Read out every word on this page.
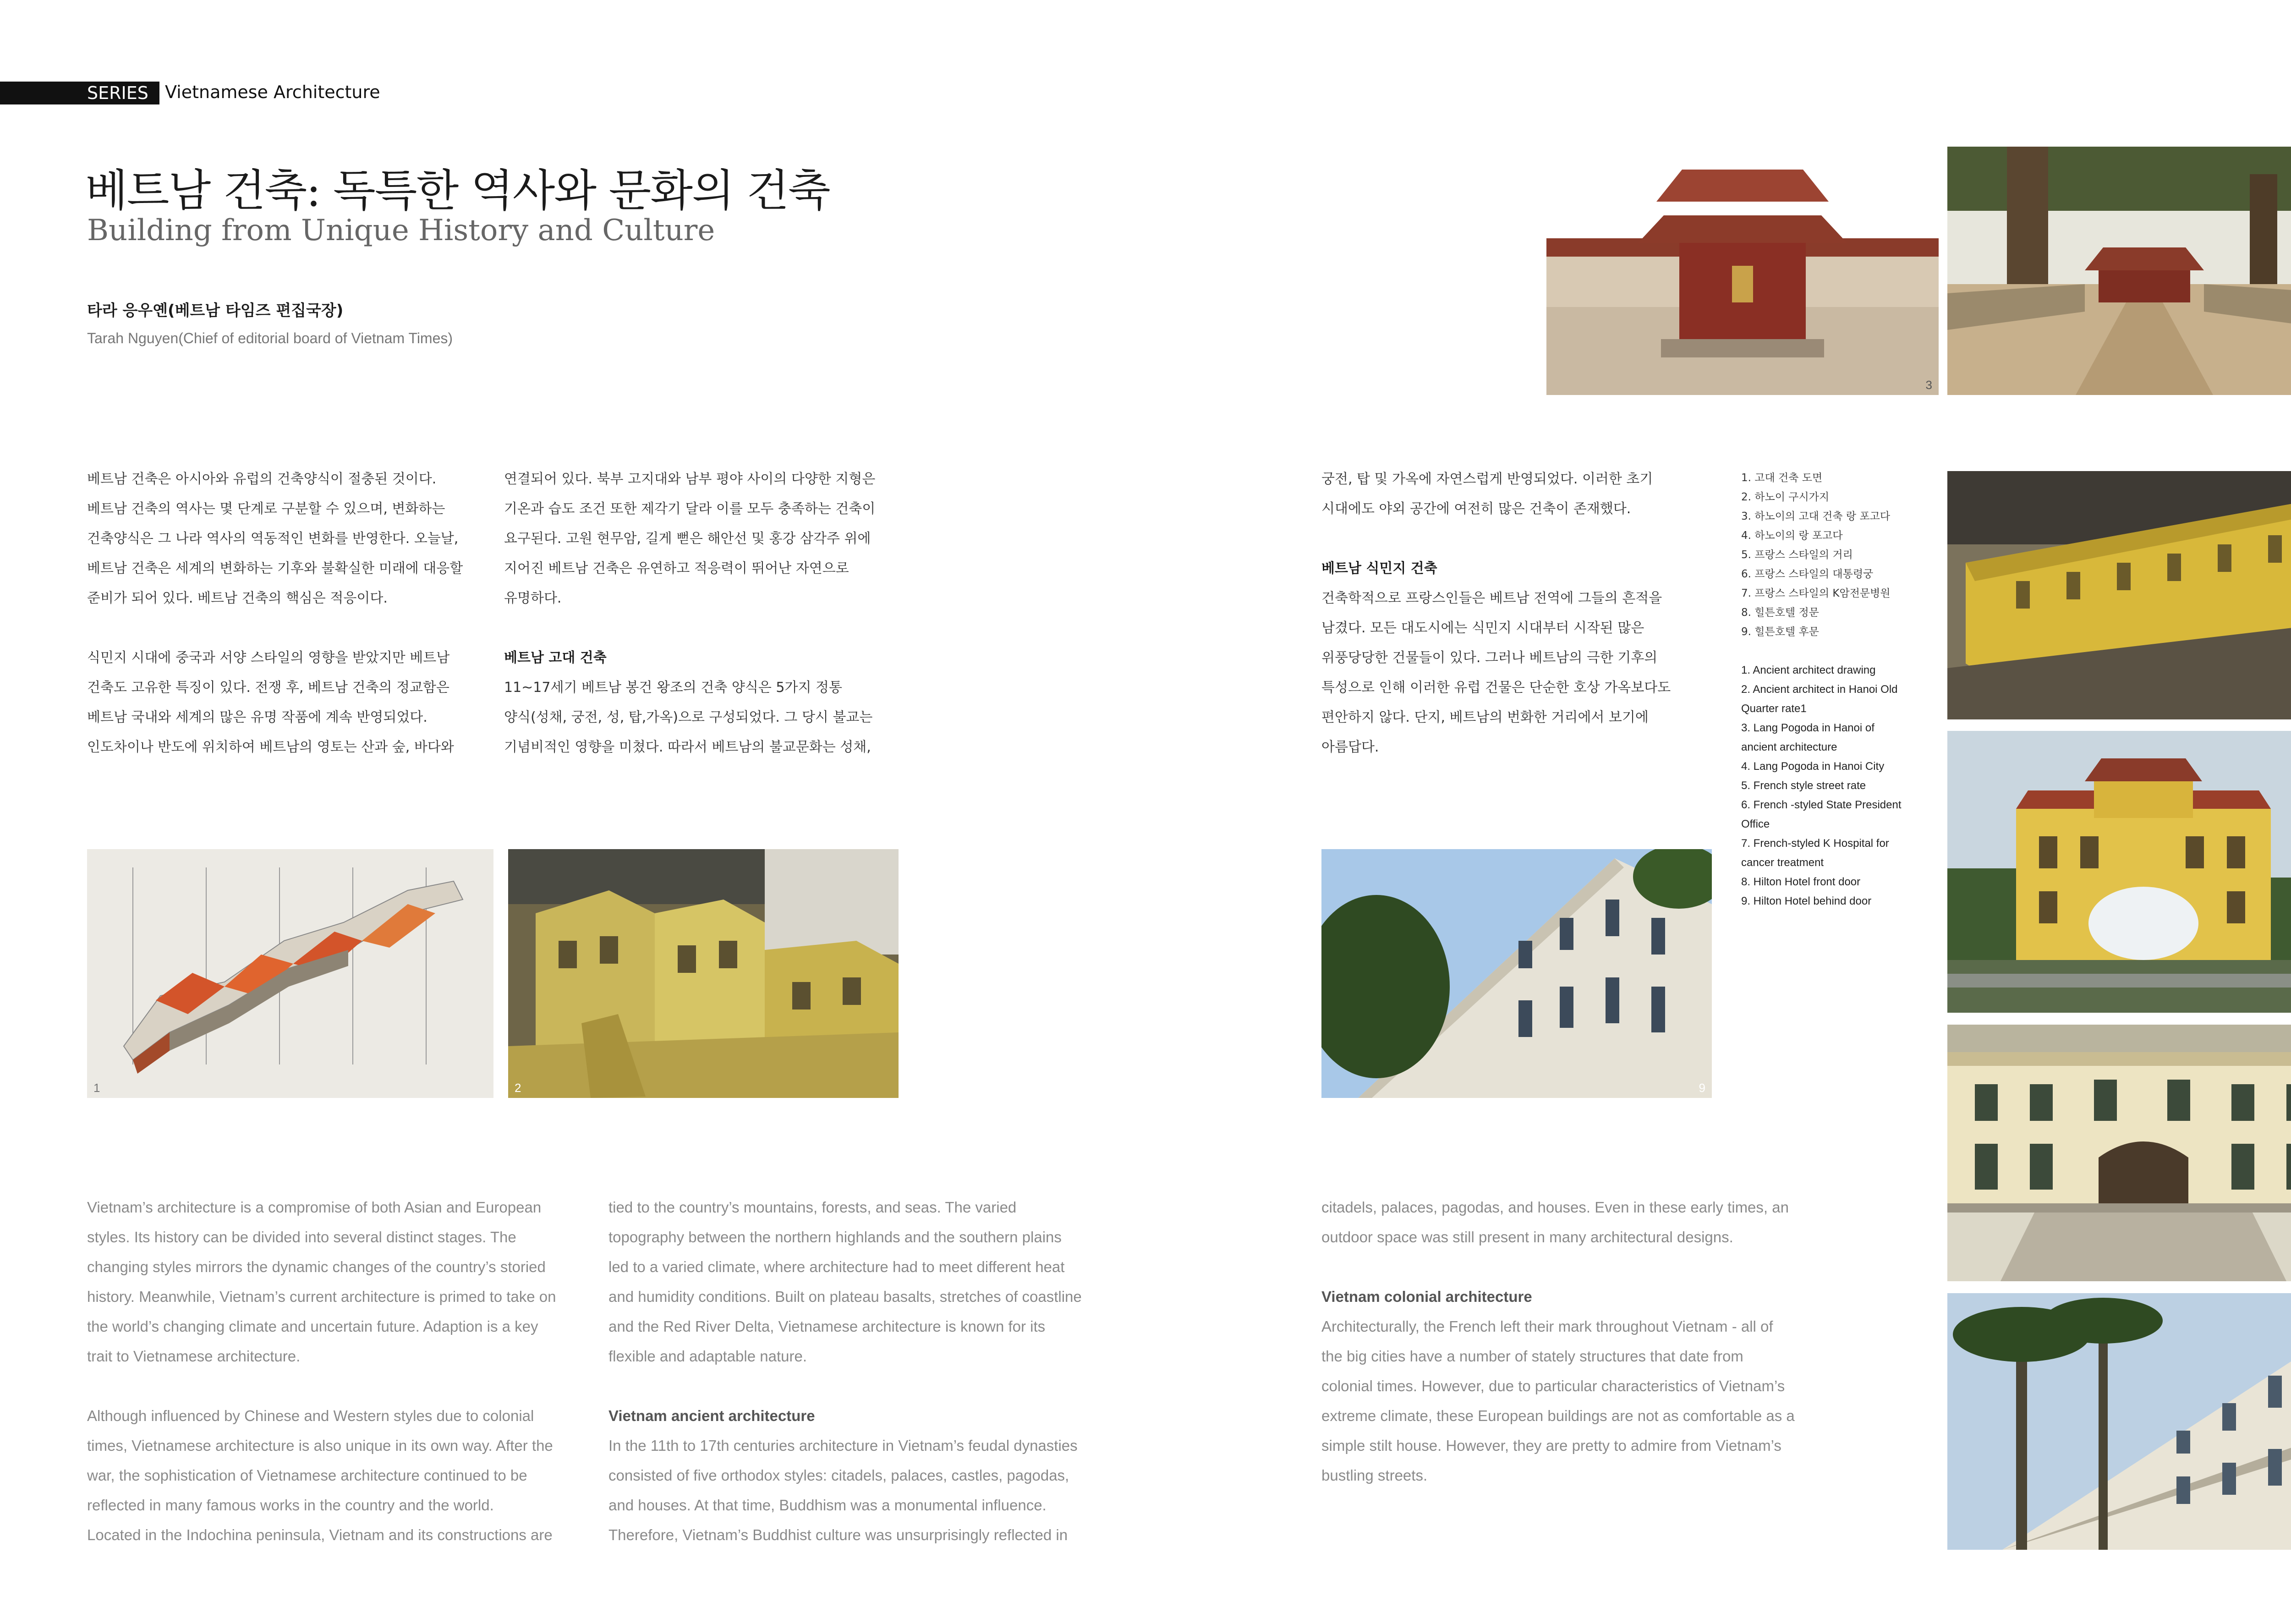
SERIES Vietnamese Architecture
베트남 건축: 독특한 역사와 문화의 건축
Building from Unique History and Culture
타라 응우옌(베트남 타임즈 편집국장)
Tarah Nguyen(Chief of editorial board of Vietnam Times)
베트남 건축은 아시아와 유럽의 건축양식이 절충된 것이다.
베트남 건축의 역사는 몇 단계로 구분할 수 있으며, 변화하는
건축양식은 그 나라 역사의 역동적인 변화를 반영한다. 오늘날,
베트남 건축은 세계의 변화하는 기후와 불확실한 미래에 대응할
준비가 되어 있다. 베트남 건축의 핵심은 적응이다.
식민지 시대에 중국과 서양 스타일의 영향을 받았지만 베트남
건축도 고유한 특징이 있다. 전쟁 후, 베트남 건축의 정교함은
베트남 국내와 세계의 많은 유명 작품에 계속 반영되었다.
인도차이나 반도에 위치하여 베트남의 영토는 산과 숲, 바다와
연결되어 있다. 북부 고지대와 남부 평야 사이의 다양한 지형은
기온과 습도 조건 또한 제각기 달라 이를 모두 충족하는 건축이
요구된다. 고원 현무암, 길게 뻗은 해안선 및 홍강 삼각주 위에
지어진 베트남 건축은 유연하고 적응력이 뛰어난 자연으로
유명하다.
베트남 고대 건축
11~17세기 베트남 봉건 왕조의 건축 양식은 5가지 정통
양식(성채, 궁전, 성, 탑,가옥)으로 구성되었다. 그 당시 불교는
기념비적인 영향을 미쳤다. 따라서 베트남의 불교문화는 성채,
궁전, 탑 및 가옥에 자연스럽게 반영되었다. 이러한 초기
시대에도 야외 공간에 여전히 많은 건축이 존재했다.
베트남 식민지 건축
건축학적으로 프랑스인들은 베트남 전역에 그들의 흔적을
남겼다. 모든 대도시에는 식민지 시대부터 시작된 많은
위풍당당한 건물들이 있다. 그러나 베트남의 극한 기후의
특성으로 인해 이러한 유럽 건물은 단순한 호상 가옥보다도
편안하지 않다. 단지, 베트남의 번화한 거리에서 보기에
아름답다.
1. 고대 건축 도면
2. 하노이 구시가지
3. 하노이의 고대 건축 랑 포고다
4. 하노이의 랑 포고다
5. 프랑스 스타일의 거리
6. 프랑스 스타일의 대통령궁
7. 프랑스 스타일의 K암전문병원
8. 힐튼호텔 정문
9. 힐튼호텔 후문
1. Ancient architect drawing
2. Ancient architect in Hanoi Old
Quarter rate1
3. Lang Pogoda in Hanoi of
ancient architecture
4. Lang Pogoda in Hanoi City
5. French style street rate
6. French -styled State President
Office
7. French-styled K Hospital for
cancer treatment
8. Hilton Hotel front door
9. Hilton Hotel behind door
Vietnam’s architecture is a compromise of both Asian and European
styles. Its history can be divided into several distinct stages. The
changing styles mirrors the dynamic changes of the country’s storied
history. Meanwhile, Vietnam’s current architecture is primed to take on
the world’s changing climate and uncertain future. Adaption is a key
trait to Vietnamese architecture.
Although influenced by Chinese and Western styles due to colonial
times, Vietnamese architecture is also unique in its own way. After the
war, the sophistication of Vietnamese architecture continued to be
reflected in many famous works in the country and the world.
Located in the Indochina peninsula, Vietnam and its constructions are
tied to the country’s mountains, forests, and seas. The varied
topography between the northern highlands and the southern plains
led to a varied climate, where architecture had to meet different heat
and humidity conditions. Built on plateau basalts, stretches of coastline
and the Red River Delta, Vietnamese architecture is known for its
flexible and adaptable nature.
Vietnam ancient architecture
In the 11th to 17th centuries architecture in Vietnam’s feudal dynasties
consisted of five orthodox styles: citadels, palaces, castles, pagodas,
and houses. At that time, Buddhism was a monumental influence.
Therefore, Vietnam’s Buddhist culture was unsurprisingly reflected in
citadels, palaces, pagodas, and houses. Even in these early times, an
outdoor space was still present in many architectural designs.
Vietnam colonial architecture
Architecturally, the French left their mark throughout Vietnam - all of
the big cities have a number of stately structures that date from
colonial times. However, due to particular characteristics of Vietnam’s
extreme climate, these European buildings are not as comfortable as a
simple stilt house. However, they are pretty to admire from Vietnam’s
bustling streets.
1	2
3
9
